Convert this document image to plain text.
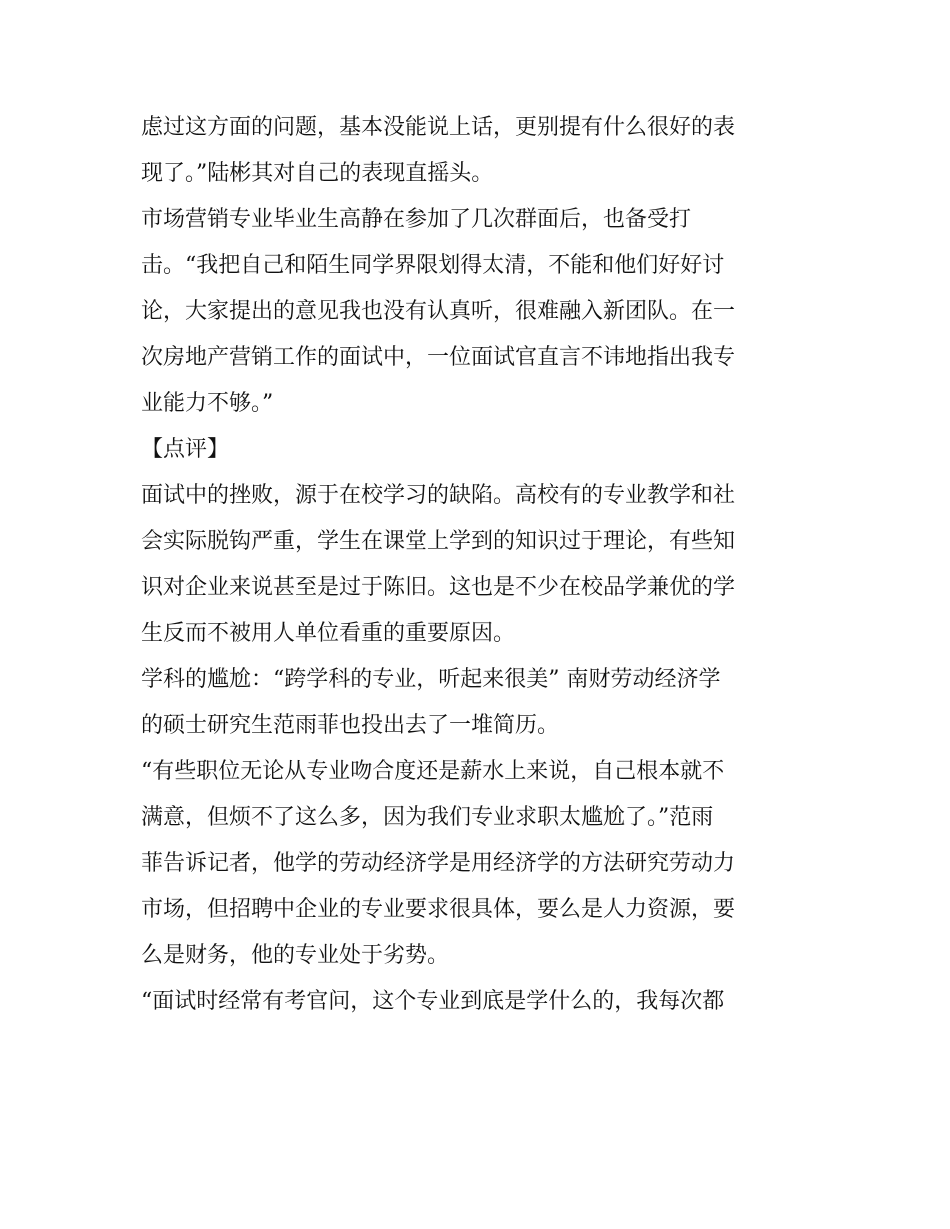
虑过这方面的问题，基本没能说上话，更别提有什么很好的表
现了。”陆彬其对自己的表现直摇头。
市场营销专业毕业生高静在参加了几次群面后，也备受打
击。“我把自己和陌生同学界限划得太清，不能和他们好好讨
论，大家提出的意见我也没有认真听，很难融入新团队。在一
次房地产营销工作的面试中，一位面试官直言不讳地指出我专
业能力不够。”
【点评】
面试中的挫败，源于在校学习的缺陷。高校有的专业教学和社
会实际脱钩严重，学生在课堂上学到的知识过于理论，有些知
识对企业来说甚至是过于陈旧。这也是不少在校品学兼优的学
生反而不被用人单位看重的重要原因。
学科的尴尬：“跨学科的专业，听起来很美” 南财劳动经济学
的硕士研究生范雨菲也投出去了一堆简历。
“有些职位无论从专业吻合度还是薪水上来说，自己根本就不
满意，但烦不了这么多，因为我们专业求职太尴尬了。”范雨
菲告诉记者，他学的劳动经济学是用经济学的方法研究劳动力
市场，但招聘中企业的专业要求很具体，要么是人力资源，要
么是财务，他的专业处于劣势。
“面试时经常有考官问，这个专业到底是学什么的，我每次都
